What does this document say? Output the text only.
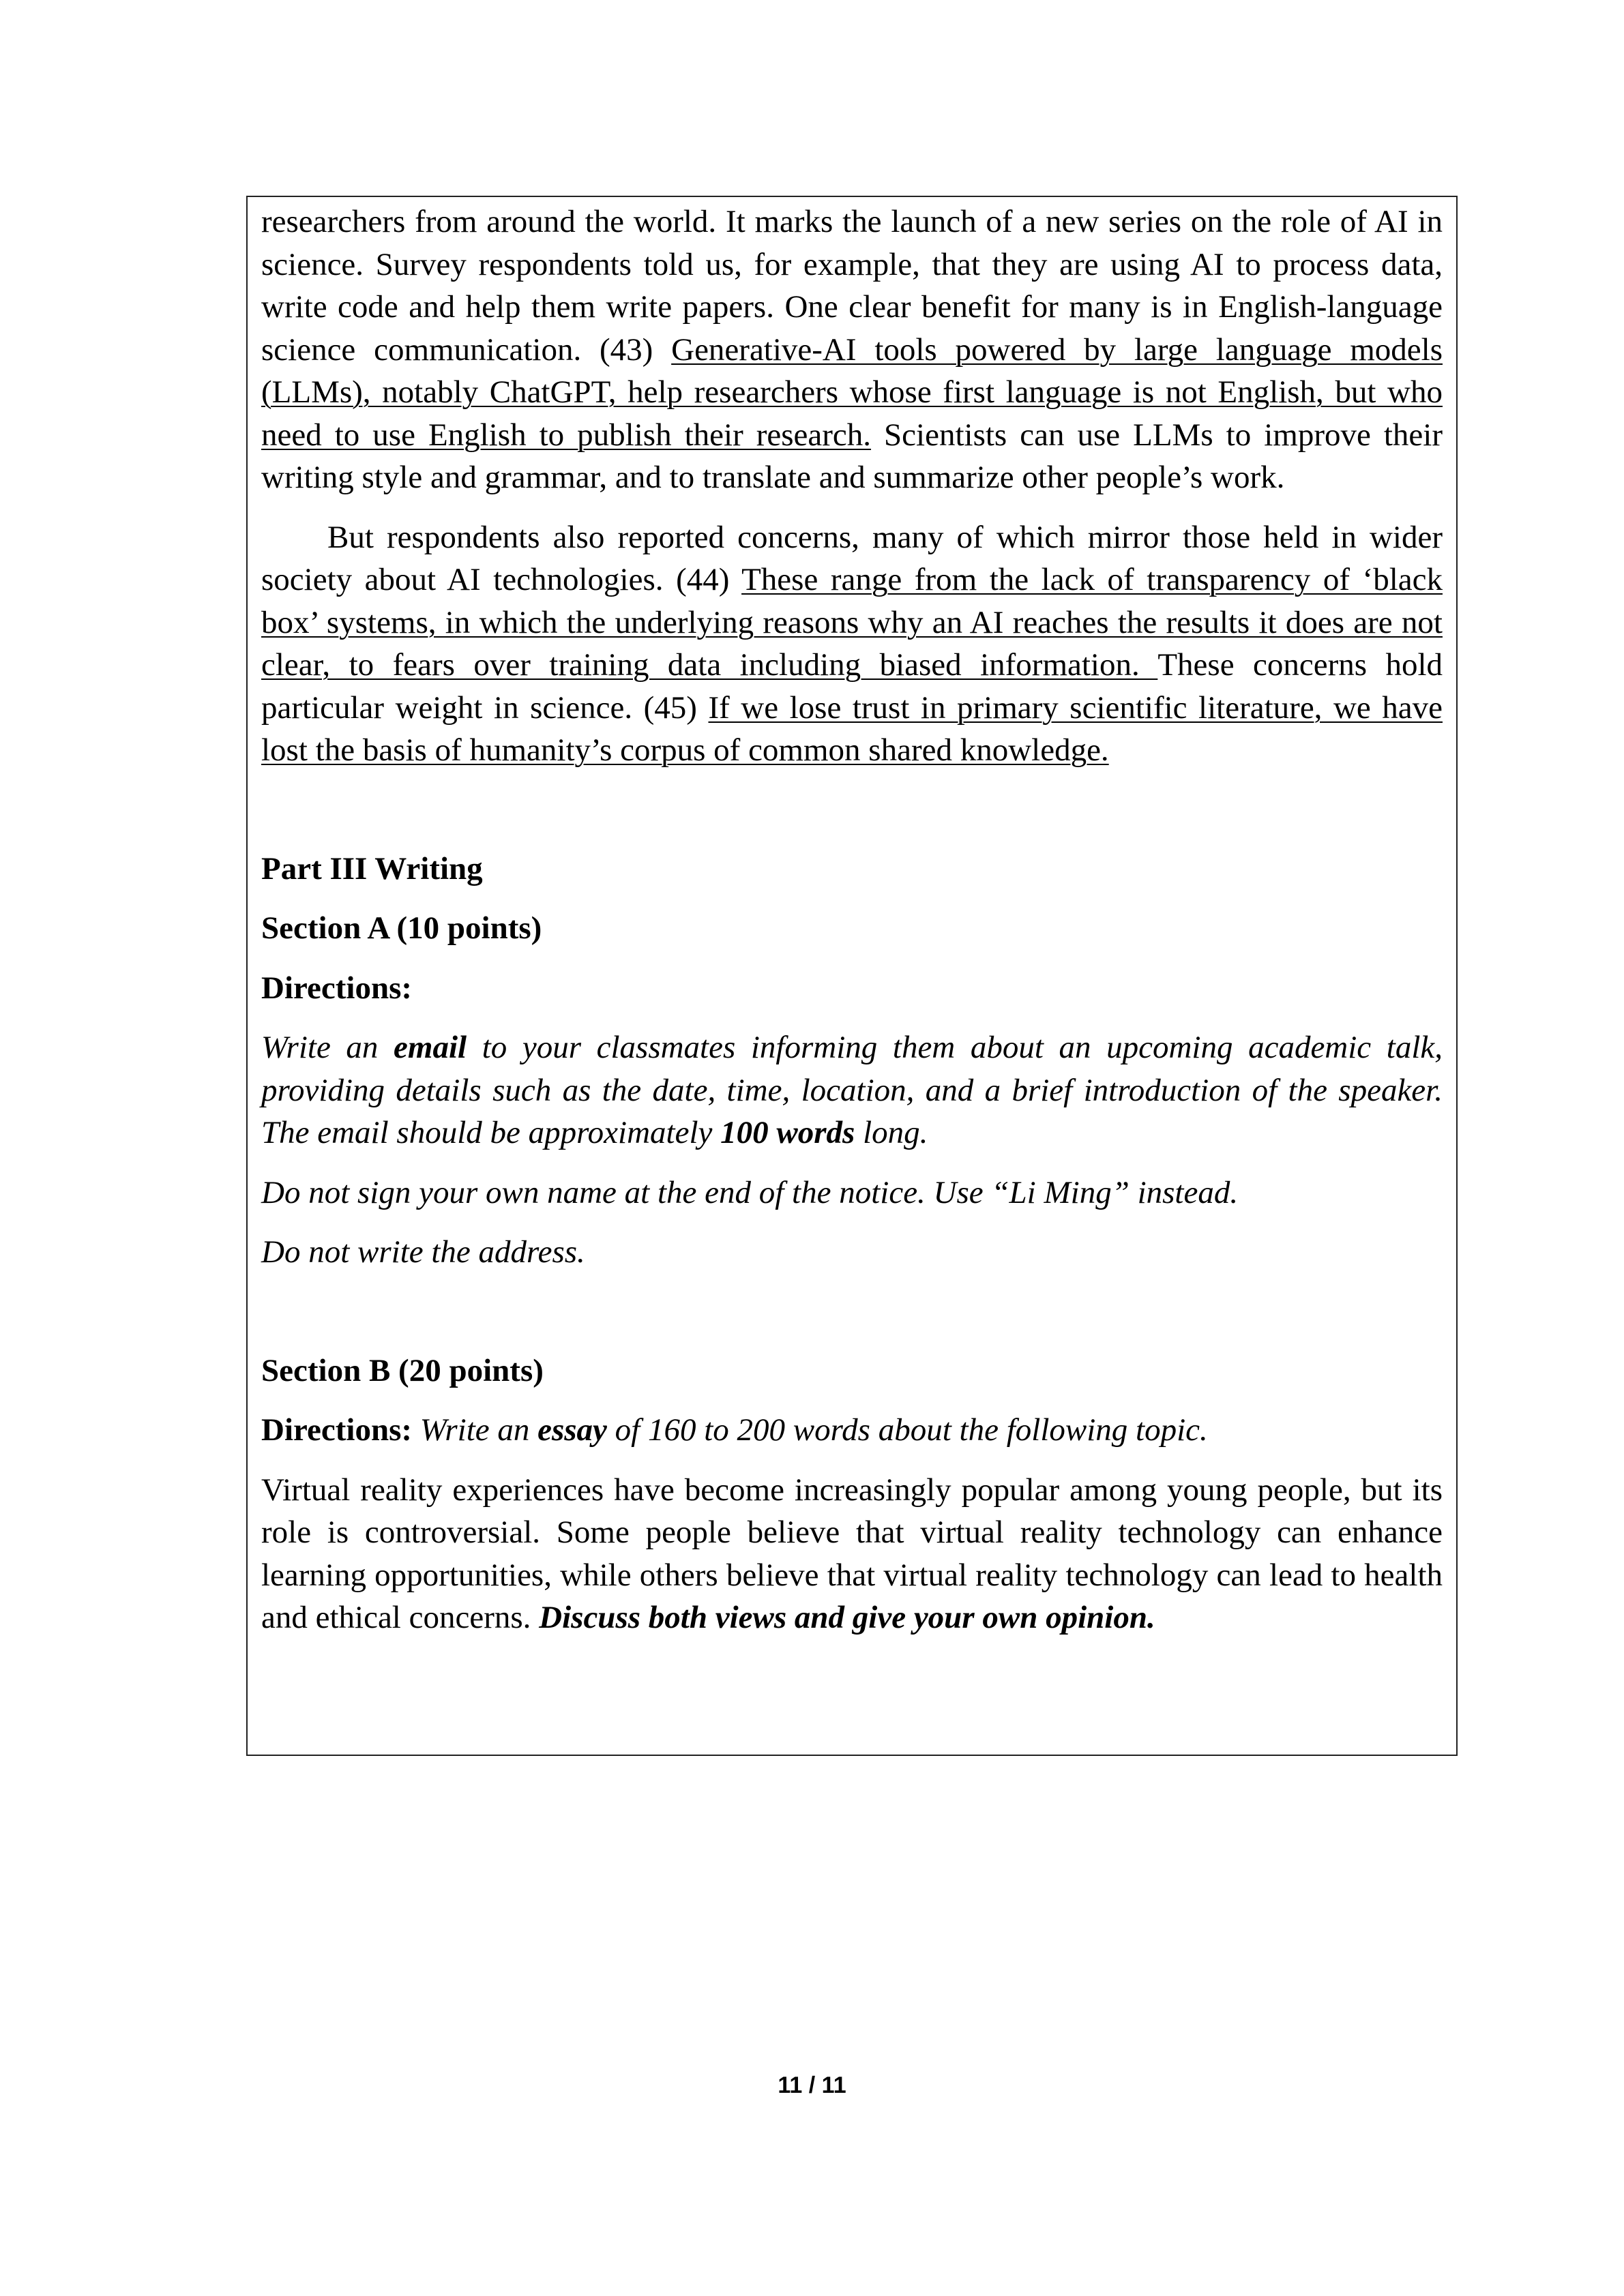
researchers from around the world. It marks the launch of a new series on the role of AI in science. Survey respondents told us, for example, that they are using AI to process data, write code and help them write papers. One clear benefit for many is in English-language science communication. (43) Generative-AI tools powered by large language models (LLMs), notably ChatGPT, help researchers whose first language is not English, but who need to use English to publish their research. Scientists can use LLMs to improve their writing style and grammar, and to translate and summarize other people’s work.

But respondents also reported concerns, many of which mirror those held in wider society about AI technologies. (44) These range from the lack of transparency of ‘black box’ systems, in which the underlying reasons why an AI reaches the results it does are not clear, to fears over training data including biased information. These concerns hold particular weight in science. (45) If we lose trust in primary scientific literature, we have lost the basis of humanity’s corpus of common shared knowledge.

Part III Writing

Section A (10 points)

Directions:

Write an email to your classmates informing them about an upcoming academic talk, providing details such as the date, time, location, and a brief introduction of the speaker. The email should be approximately 100 words long.

Do not sign your own name at the end of the notice. Use “Li Ming” instead.

Do not write the address.

Section B (20 points)

Directions: Write an essay of 160 to 200 words about the following topic.

Virtual reality experiences have become increasingly popular among young people, but its role is controversial. Some people believe that virtual reality technology can enhance learning opportunities, while others believe that virtual reality technology can lead to health and ethical concerns. Discuss both views and give your own opinion.

11 / 11
